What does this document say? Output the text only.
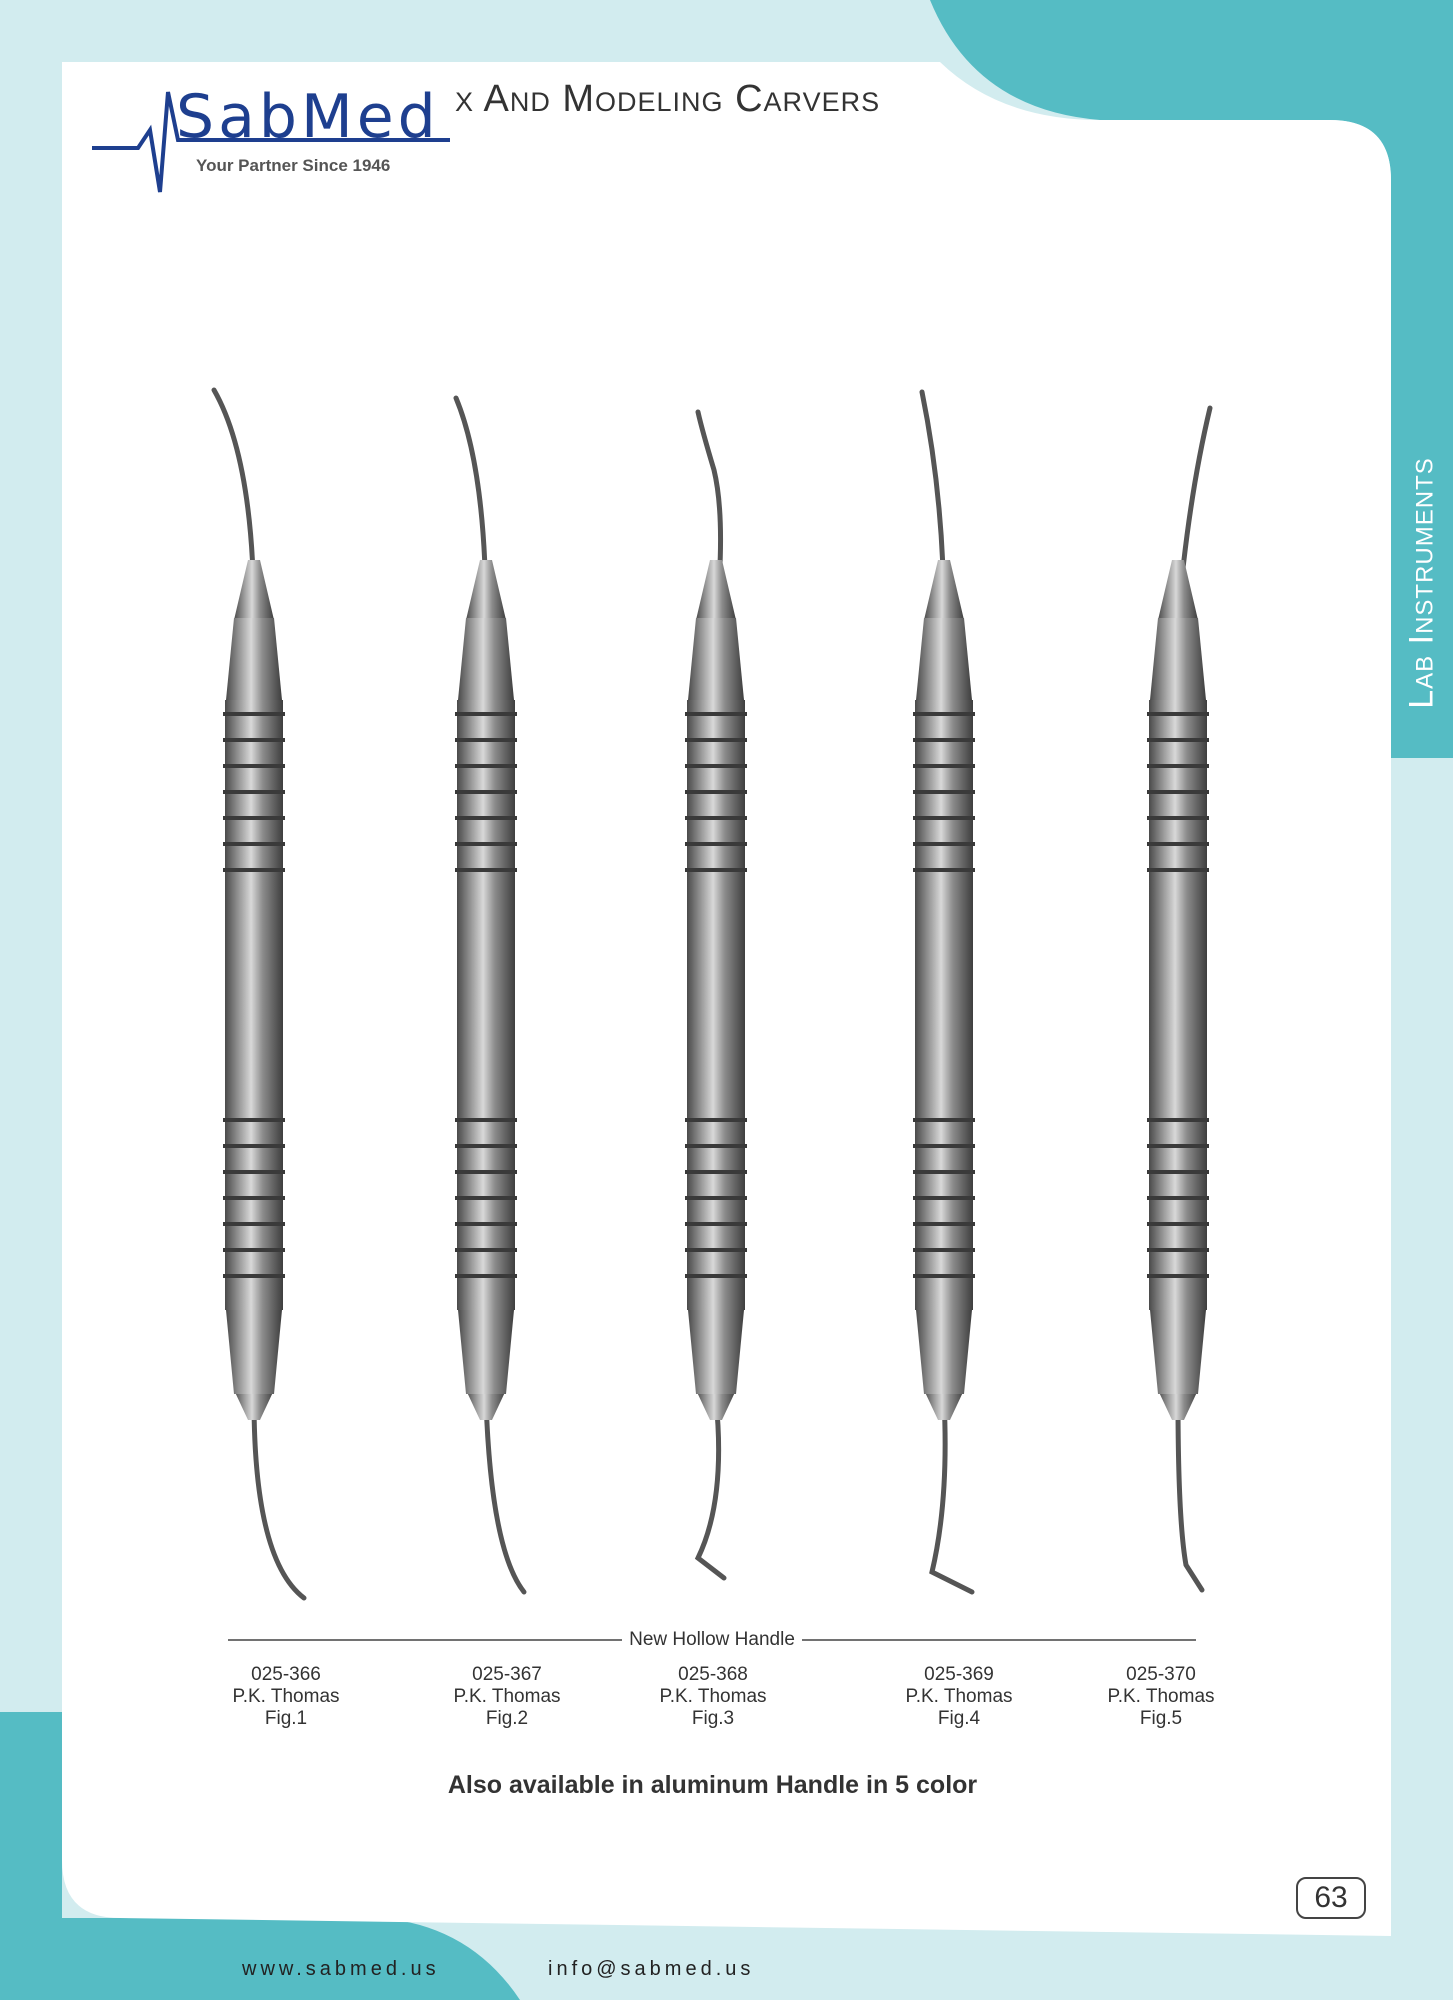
SabMed
Your Partner Since 1946
x And Modeling Carvers
Lab Instruments
New Hollow Handle
025-366
P.K. Thomas
Fig.1
025-367
P.K. Thomas
Fig.2
025-368
P.K. Thomas
Fig.3
025-369
P.K. Thomas
Fig.4
025-370
P.K. Thomas
Fig.5
Also available in aluminum Handle in 5 color
63
www.sabmed.us	info@sabmed.us
